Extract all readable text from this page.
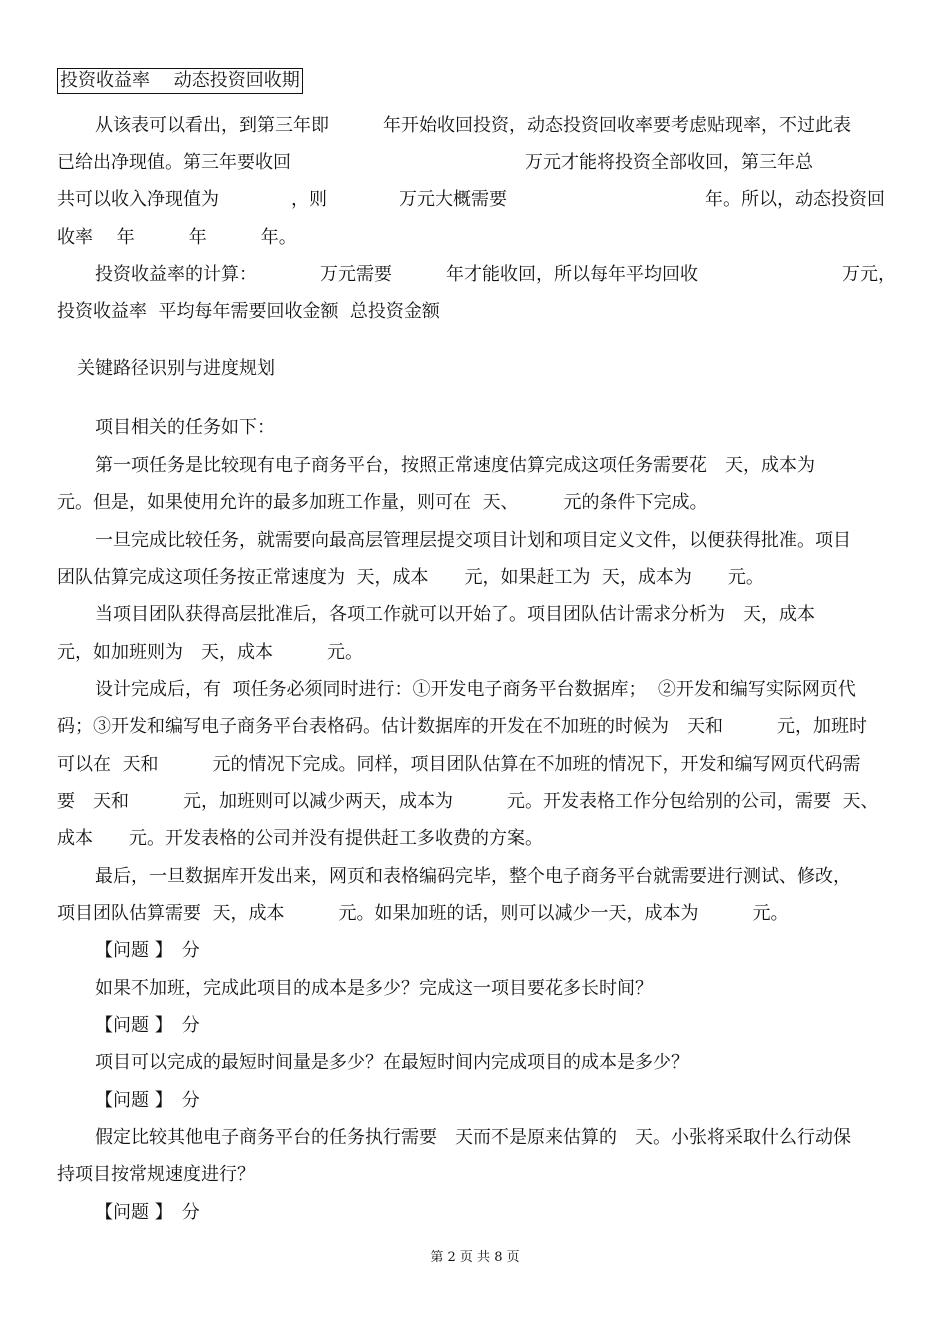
投资收益率　 动态投资回收期
从该表可以看出，到第三年即　　　年开始收回投资，动态投资回收率要考虑贴现率，不过此表
已给出净现值。第三年要收回　　　　　　　　　　　　　万元才能将投资全部收回，第三年总
共可以收入净现值为　　　　，则　　　　万元大概需要　　　　　　　　　　　年。所以，动态投资回
收率　 年　　　年　　　年。
投资收益率的计算：　　　　万元需要　　　年才能收回，所以每年平均回收　　　　　　　　万元，
投资收益率  平均每年需要回收金额  总投资金额
关键路径识别与进度规划
项目相关的任务如下：
第一项任务是比较现有电子商务平台，按照正常速度估算完成这项任务需要花　天，成本为
元。但是，如果使用允许的最多加班工作量，则可在  天、　　　元的条件下完成。
一旦完成比较任务，就需要向最高层管理层提交项目计划和项目定义文件，以便获得批准。项目
团队估算完成这项任务按正常速度为  天，成本　　元，如果赶工为  天，成本为　　元。
当项目团队获得高层批准后，各项工作就可以开始了。项目团队估计需求分析为　天，成本
元，如加班则为　天，成本　　　元。
设计完成后，有  项任务必须同时进行：①开发电子商务平台数据库；  ②开发和编写实际网页代
码；③开发和编写电子商务平台表格码。估计数据库的开发在不加班的时候为　天和　　　元，加班时
可以在  天和　　　元的情况下完成。同样，项目团队估算在不加班的情况下，开发和编写网页代码需
要　天和　　　元，加班则可以减少两天，成本为　　　元。开发表格工作分包给别的公司，需要  天、
成本　　元。开发表格的公司并没有提供赶工多收费的方案。
最后，一旦数据库开发出来，网页和表格编码完毕，整个电子商务平台就需要进行测试、修改，
项目团队估算需要  天，成本　　　元。如果加班的话，则可以减少一天，成本为　　　元。
【问题 】　分
如果不加班，完成此项目的成本是多少？完成这一项目要花多长时间？
【问题 】　分
项目可以完成的最短时间量是多少？在最短时间内完成项目的成本是多少？
【问题 】　分
假定比较其他电子商务平台的任务执行需要　天而不是原来估算的　天。小张将采取什么行动保
持项目按常规速度进行？
【问题 】　分
第 2 页 共 8 页
